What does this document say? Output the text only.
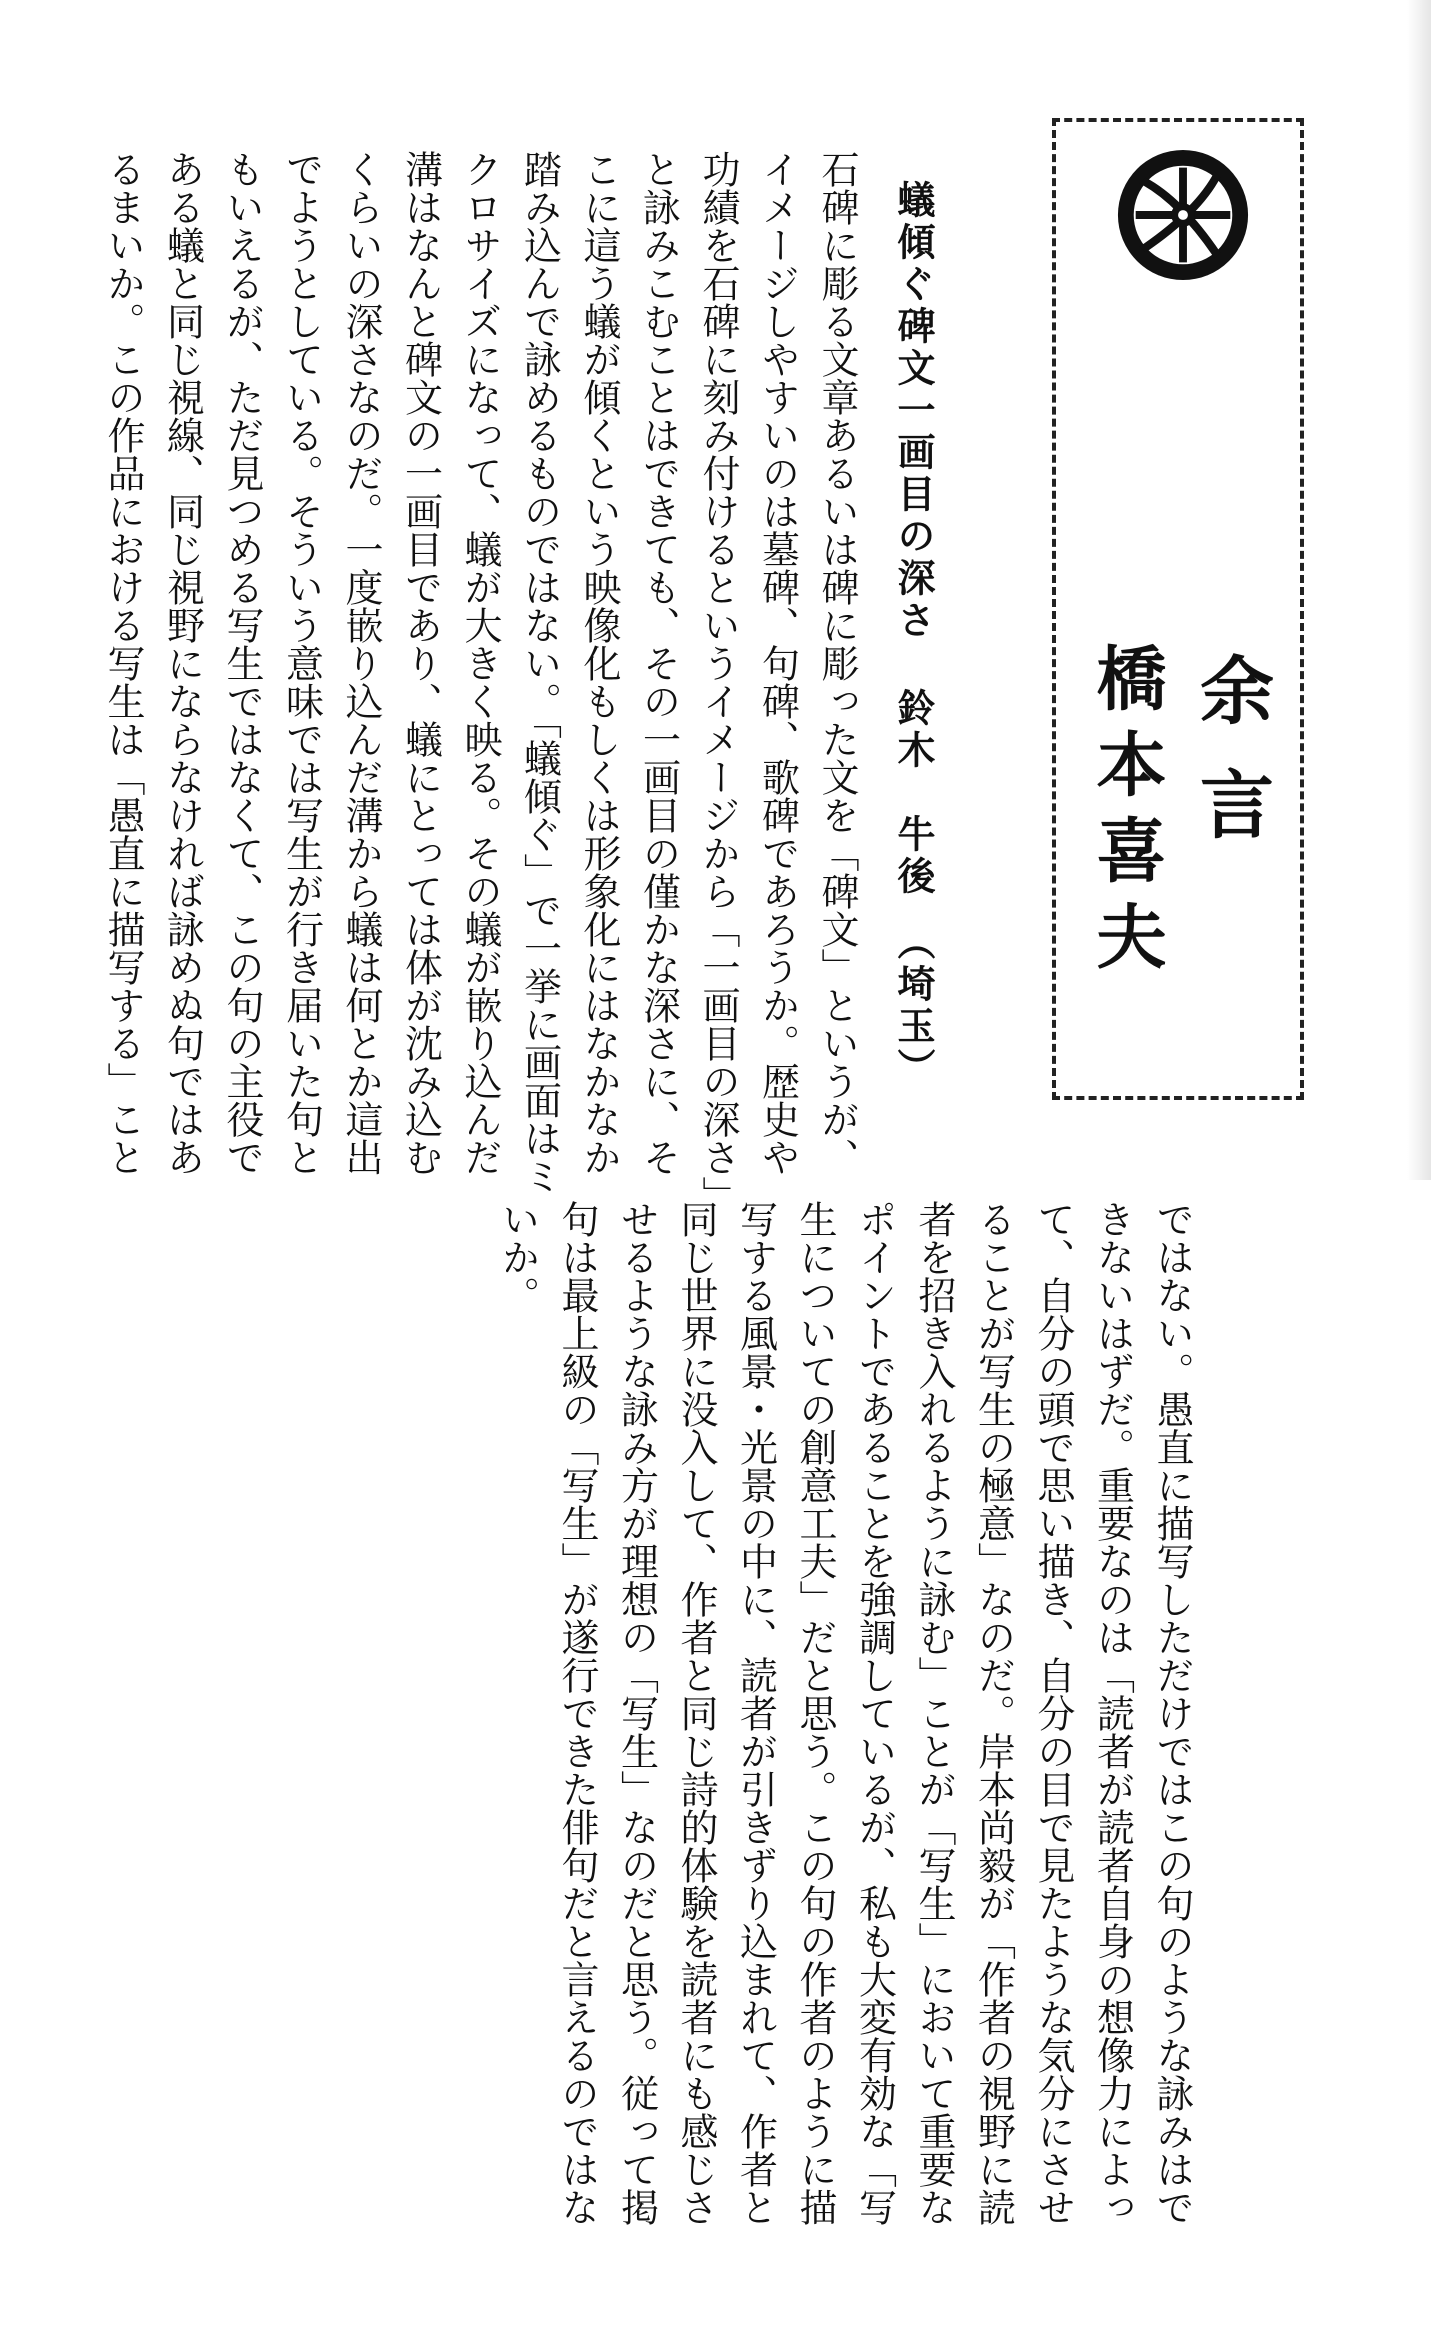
余言
橋本喜夫
蟻傾ぐ碑文一画目の深さ鈴木　牛後（埼玉）
石碑に彫る文章あるいは碑に彫った文を「碑文」というが、
イメージしやすいのは墓碑、句碑、歌碑であろうか。歴史や
功績を石碑に刻み付けるというイメージから「一画目の深さ」
と詠みこむことはできても、その一画目の僅かな深さに、そ
こに這う蟻が傾くという映像化もしくは形象化にはなかなか
踏み込んで詠めるものではない。「蟻傾ぐ」で一挙に画面はミ
クロサイズになって、蟻が大きく映る。その蟻が嵌り込んだ
溝はなんと碑文の一画目であり、蟻にとっては体が沈み込む
くらいの深さなのだ。一度嵌り込んだ溝から蟻は何とか這出
でようとしている。そういう意味では写生が行き届いた句と
もいえるが、ただ見つめる写生ではなくて、この句の主役で
ある蟻と同じ視線、同じ視野にならなければ詠めぬ句ではあ
るまいか。この作品における写生は「愚直に描写する」こと
ではない。愚直に描写しただけではこの句のような詠みはで
きないはずだ。重要なのは「読者が読者自身の想像力によっ
て、自分の頭で思い描き、自分の目で見たような気分にさせ
ることが写生の極意」なのだ。岸本尚毅が「作者の視野に読
者を招き入れるように詠む」ことが「写生」において重要な
ポイントであることを強調しているが、私も大変有効な「写
生についての創意工夫」だと思う。この句の作者のように描
写する風景・光景の中に、読者が引きずり込まれて、作者と
同じ世界に没入して、作者と同じ詩的体験を読者にも感じさ
せるような詠み方が理想の「写生」なのだと思う。従って掲
句は最上級の「写生」が遂行できた俳句だと言えるのではな
いか。
